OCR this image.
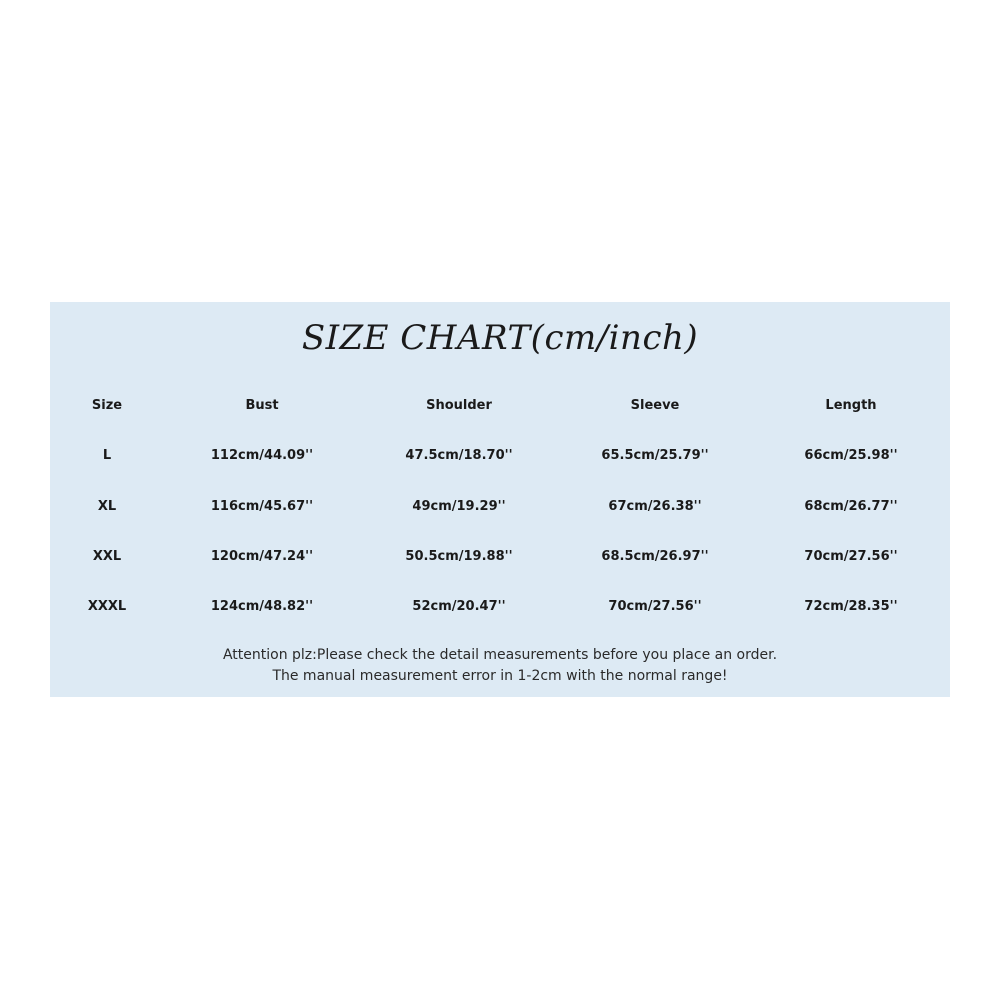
SIZE CHART(cm/inch)
Size	Bust	Shoulder	Sleeve	Length
L	112cm/44.09''	47.5cm/18.70''	65.5cm/25.79''	66cm/25.98''
XL	116cm/45.67''	49cm/19.29''	67cm/26.38''	68cm/26.77''
XXL	120cm/47.24''	50.5cm/19.88''	68.5cm/26.97''	70cm/27.56''
XXXL	124cm/48.82''	52cm/20.47''	70cm/27.56''	72cm/28.35''
Attention plz:Please check the detail measurements before you place an order.
The manual measurement error in 1-2cm with the normal range!
